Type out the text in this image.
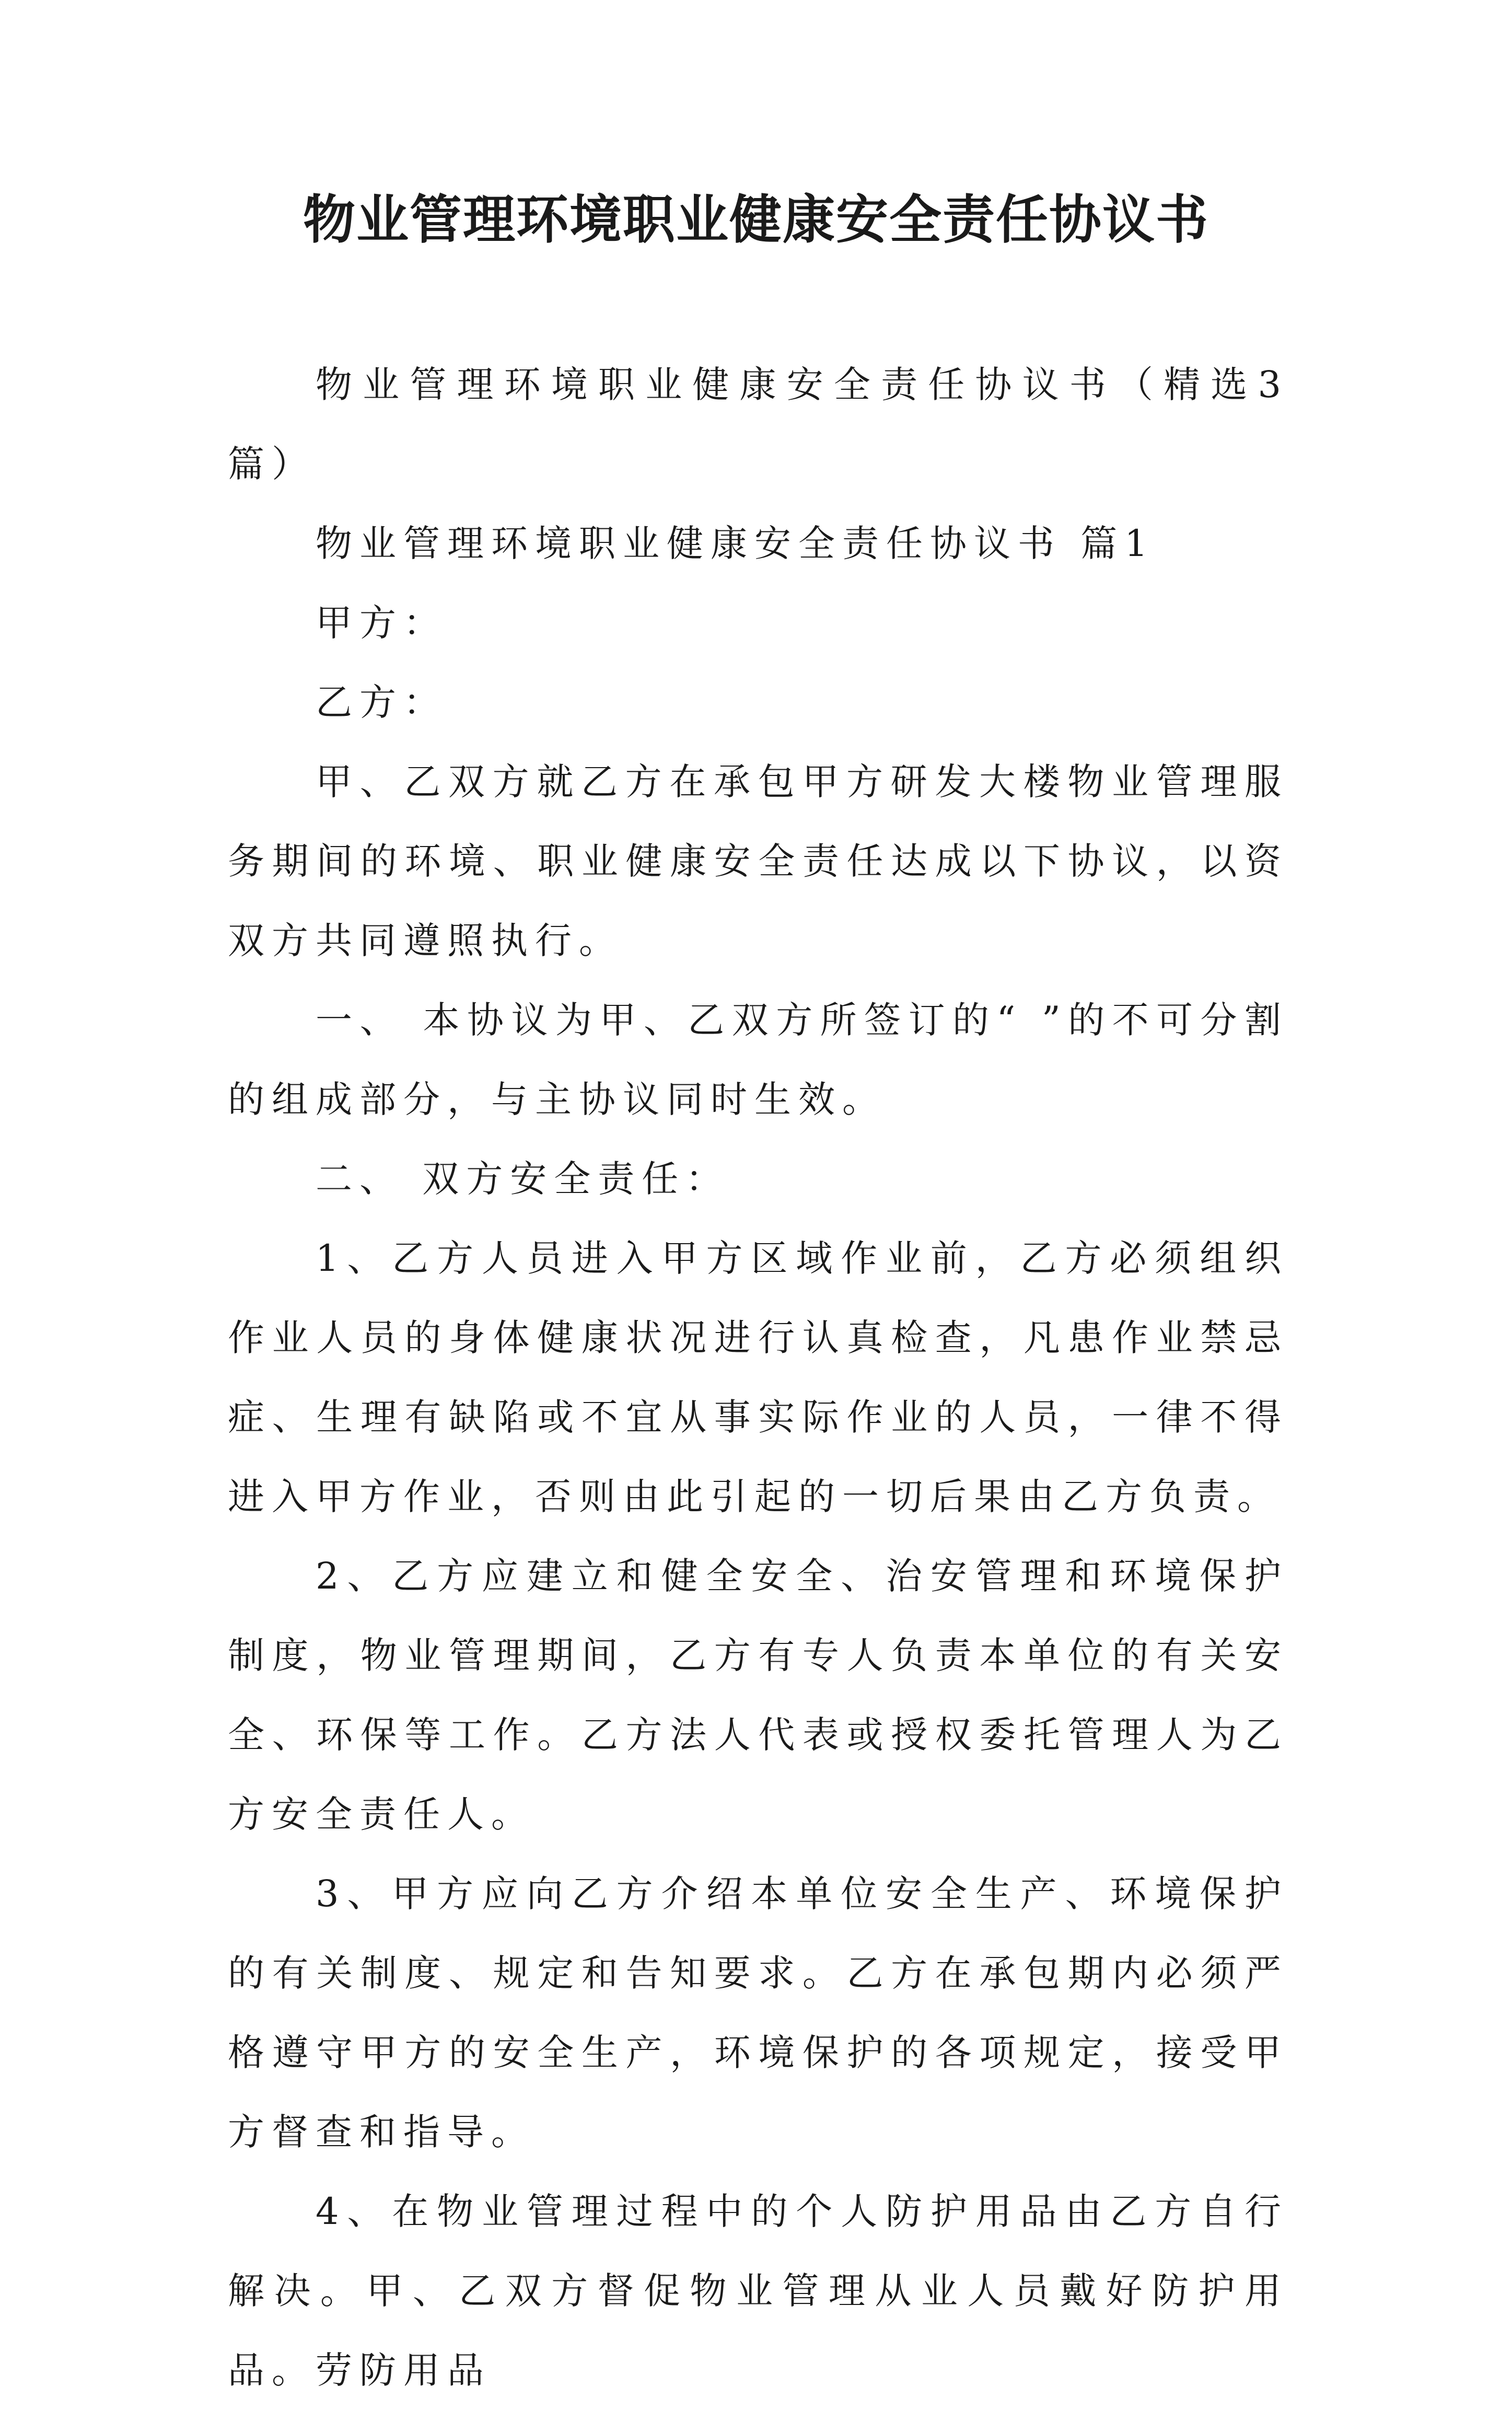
物业管理环境职业健康安全责任协议书

物业管理环境职业健康安全责任协议书（精选3篇）

物业管理环境职业健康安全责任协议书 篇1

甲方：

乙方：

甲、乙双方就乙方在承包甲方研发大楼物业管理服务期间的环境、职业健康安全责任达成以下协议，以资双方共同遵照执行。

一、 本协议为甲、乙双方所签订的“ ”的不可分割的组成部分，与主协议同时生效。

二、 双方安全责任：

1、乙方人员进入甲方区域作业前，乙方必须组织作业人员的身体健康状况进行认真检查，凡患作业禁忌症、生理有缺陷或不宜从事实际作业的人员，一律不得进入甲方作业，否则由此引起的一切后果由乙方负责。

2、乙方应建立和健全安全、治安管理和环境保护制度，物业管理期间，乙方有专人负责本单位的有关安全、环保等工作。乙方法人代表或授权委托管理人为乙方安全责任人。

3、甲方应向乙方介绍本单位安全生产、环境保护的有关制度、规定和告知要求。乙方在承包期内必须严格遵守甲方的安全生产，环境保护的各项规定，接受甲方督查和指导。

4、在物业管理过程中的个人防护用品由乙方自行解决。甲、乙双方督促物业管理从业人员戴好防护用品。劳防用品
